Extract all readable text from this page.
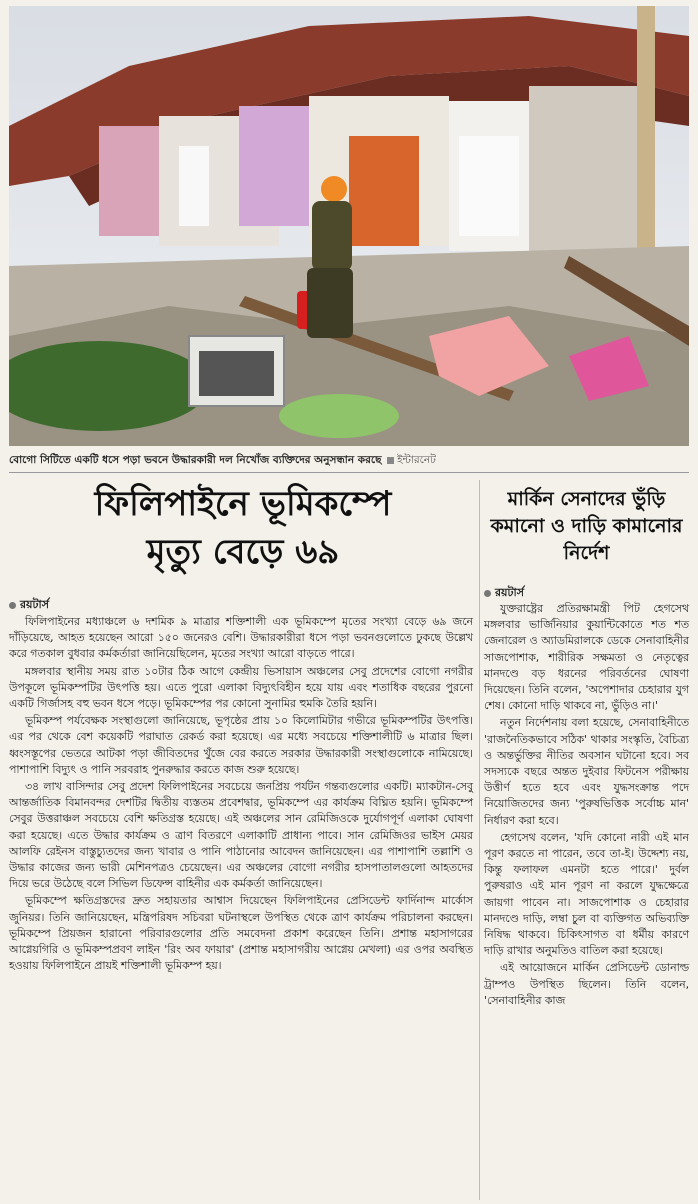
বোগো সিটিতে একটি ধসে পড়া ভবনে উদ্ধারকারী দল নিখোঁজ ব্যক্তিদের অনুসন্ধান করছে ইন্টারনেট
ফিলিপাইনে ভূমিকম্পে
মৃত্যু বেড়ে ৬৯
মার্কিন সেনাদের ভুঁড়ি কমানো ও দাড়ি কামানোর নির্দেশ
রয়টার্স

ফিলিপাইনের মধ্যাঞ্চলে ৬ দশমিক ৯ মাত্রার শক্তিশালী এক ভূমিকম্পে মৃতের সংখ্যা বেড়ে ৬৯ জনে দাঁড়িয়েছে, আহত হয়েছেন আরো ১৫০ জনেরও বেশি। উদ্ধারকারীরা ধসে পড়া ভবনগুলোতে ঢুকছে উল্লেখ করে গতকাল বুধবার কর্মকর্তারা জানিয়েছিলেন, মৃতের সংখ্যা আরো বাড়তে পারে।

মঙ্গলবার স্থানীয় সময় রাত ১০টার ঠিক আগে কেন্দ্রীয় ভিসায়াস অঞ্চলের সেবু প্রদেশের বোগো নগরীর উপকূলে ভূমিকম্পটির উৎপত্তি হয়। এতে পুরো এলাকা বিদ্যুৎবিহীন হয়ে যায় এবং শতাধিক বছরের পুরনো একটি গির্জাসহ বহু ভবন ধসে পড়ে। ভূমিকম্পের পর কোনো সুনামির হুমকি তৈরি হয়নি।

ভূমিকম্প পর্যবেক্ষক সংস্থাগুলো জানিয়েছে, ভূপৃষ্ঠের প্রায় ১০ কিলোমিটার গভীরে ভূমিকম্পটির উৎপত্তি। এর পর থেকে বেশ কয়েকটি পরাঘাত রেকর্ড করা হয়েছে। এর মধ্যে সবচেয়ে শক্তিশালীটি ৬ মাত্রার ছিল। ধ্বংসস্তূপের ভেতরে আটকা পড়া জীবিতদের খুঁজে বের করতে সরকার উদ্ধারকারী সংস্থাগুলোকে নামিয়েছে। পাশাপাশি বিদ্যুৎ ও পানি সরবরাহ পুনরুদ্ধার করতে কাজ শুরু হয়েছে।

৩৪ লাখ বাসিন্দার সেবু প্রদেশ ফিলিপাইনের সবচেয়ে জনপ্রিয় পর্যটন গন্তব্যগুলোর একটি। ম্যাকটান-সেবু আন্তর্জাতিক বিমানবন্দর দেশটির দ্বিতীয় ব্যস্ততম প্রবেশদ্বার, ভূমিকম্পে এর কার্যক্রম বিঘ্নিত হয়নি। ভূমিকম্পে সেবুর উত্তরাঞ্চল সবচেয়ে বেশি ক্ষতিগ্রস্ত হয়েছে। এই অঞ্চলের সান রেমিজিওকে দুর্যোগপূর্ণ এলাকা ঘোষণা করা হয়েছে। এতে উদ্ধার কার্যক্রম ও ত্রাণ বিতরণে এলাকাটি প্রাধান্য পাবে। সান রেমিজিওর ভাইস মেয়র আলফি রেইনস বাস্তুচ্যুতদের জন্য খাবার ও পানি পাঠানোর আবেদন জানিয়েছেন। এর পাশাপাশি তল্লাশি ও উদ্ধার কাজের জন্য ভারী মেশিনপত্রও চেয়েছেন। এর অঞ্চলের বোগো নগরীর হাসপাতালগুলো আহতদের দিয়ে ভরে উঠেছে বলে সিভিল ডিফেন্স বাহিনীর এক কর্মকর্তা জানিয়েছেন।

ভূমিকম্পে ক্ষতিগ্রস্তদের দ্রুত সহায়তার আশ্বাস দিয়েছেন ফিলিপাইনের প্রেসিডেন্ট ফার্দিনান্দ মার্কোস জুনিয়র। তিনি জানিয়েছেন, মন্ত্রিপরিষদ সচিবরা ঘটনাস্থলে উপস্থিত থেকে ত্রাণ কার্যক্রম পরিচালনা করছেন। ভূমিকম্পে প্রিয়জন হারানো পরিবারগুলোর প্রতি সমবেদনা প্রকাশ করেছেন তিনি। প্রশান্ত মহাসাগরের আগ্নেয়গিরি ও ভূমিকম্পপ্রবণ লাইন 'রিং অব ফায়ার' (প্রশান্ত মহাসাগরীয় আগ্নেয় মেখলা) এর ওপর অবস্থিত হওয়ায় ফিলিপাইনে প্রায়ই শক্তিশালী ভূমিকম্প হয়।

রয়টার্স

যুক্তরাষ্ট্রের প্রতিরক্ষামন্ত্রী পিট হেগসেথ মঙ্গলবার ভার্জিনিয়ার কুয়ান্টিকোতে শত শত জেনারেল ও অ্যাডমিরালকে ডেকে সেনাবাহিনীর সাজপোশাক, শারীরিক সক্ষমতা ও নেতৃত্বের মানদণ্ডে বড় ধরনের পরিবর্তনের ঘোষণা দিয়েছেন। তিনি বলেন, 'অপেশাদার চেহারার যুগ শেষ। কোনো দাড়ি থাকবে না, ভুঁড়িও না।'

নতুন নির্দেশনায় বলা হয়েছে, সেনাবাহিনীতে 'রাজনৈতিকভাবে সঠিক' থাকার সংস্কৃতি, বৈচিত্র্য ও অন্তর্ভুক্তির নীতির অবসান ঘটানো হবে। সব সদস্যকে বছরে অন্তত দুইবার ফিটনেস পরীক্ষায় উত্তীর্ণ হতে হবে এবং যুদ্ধসংক্রান্ত পদে নিয়োজিতদের জন্য 'পুরুষভিত্তিক সর্বোচ্চ মান' নির্ধারণ করা হবে।

হেগসেথ বলেন, 'যদি কোনো নারী এই মান পূরণ করতে না পারেন, তবে তা-ই। উদ্দেশ্য নয়, কিন্তু ফলাফল এমনটা হতে পারে।' দুর্বল পুরুষরাও এই মান পূরণ না করলে যুদ্ধক্ষেত্রে জায়গা পাবেন না। সাজপোশাক ও চেহারার মানদণ্ডে দাড়ি, লম্বা চুল বা ব্যক্তিগত অভিব্যক্তি নিষিদ্ধ থাকবে। চিকিৎসাগত বা ধর্মীয় কারণে দাড়ি রাখার অনুমতিও বাতিল করা হয়েছে।

এই আয়োজনে মার্কিন প্রেসিডেন্ট ডোনাল্ড ট্রাম্পও উপস্থিত ছিলেন। তিনি বলেন, 'সেনাবাহিনীর কাজ
